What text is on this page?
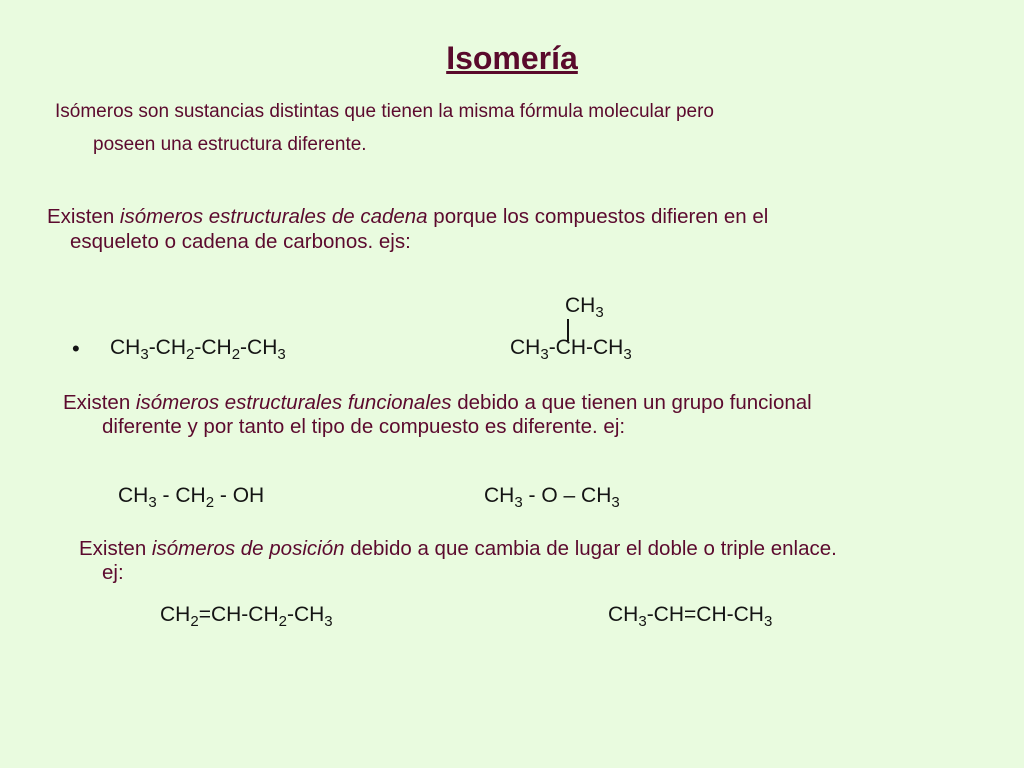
Isomería
Isómeros son sustancias distintas que tienen la misma fórmula molecular pero
poseen una estructura diferente.
Existen isómeros estructurales de cadena porque los compuestos difieren en el
esqueleto o cadena de carbonos. ejs:
• $CH_3-CH_2-CH_2-CH_3$
$CH_3$
$CH_3-CH-CH_3$
Existen isómeros estructurales funcionales debido a que tienen un grupo funcional
diferente y por tanto el tipo de compuesto es diferente. ej:
$CH_3 - CH_2$ - OH	$CH_3$ - O – $CH_3$
Existen isómeros de posición debido a que cambia de lugar el doble o triple enlace.
ej:
$CH_2=CH-CH_2-CH_3$	$CH_3-CH=CH-CH_3$
